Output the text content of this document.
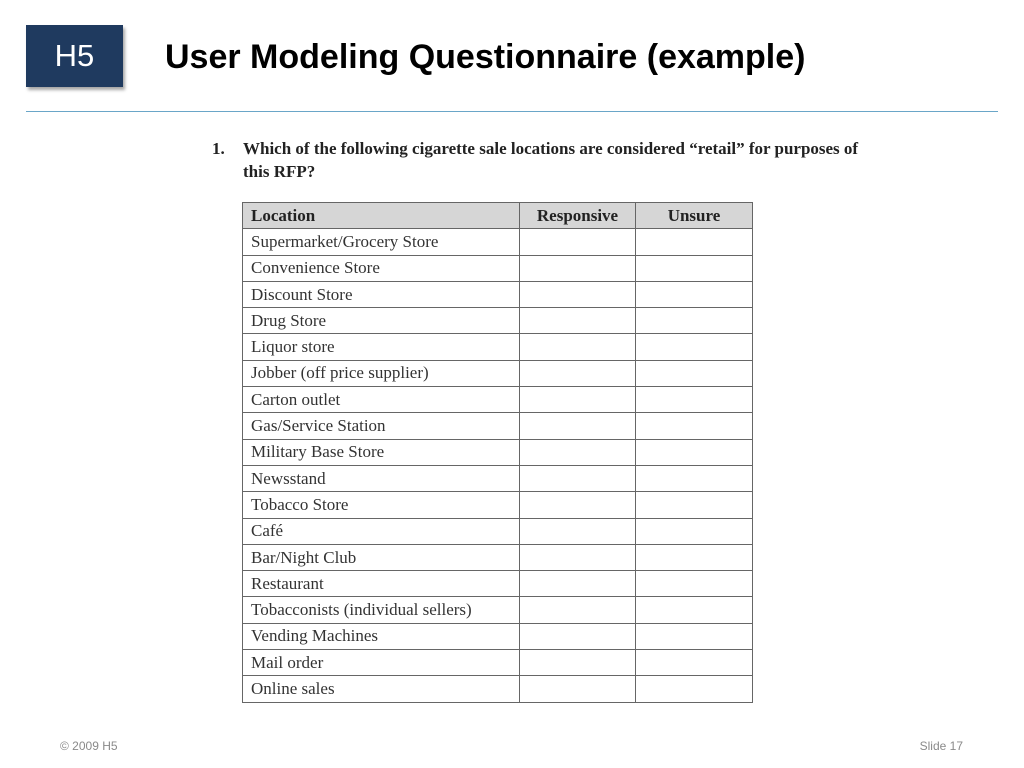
H5 User Modeling Questionnaire (example)
1. Which of the following cigarette sale locations are considered “retail” for purposes of this RFP?
Location	Responsive	Unsure
Supermarket/Grocery Store		
Convenience Store		
Discount Store		
Drug Store		
Liquor store		
Jobber (off price supplier)		
Carton outlet		
Gas/Service Station		
Military Base Store		
Newsstand		
Tobacco Store		
Café		
Bar/Night Club		
Restaurant		
Tobacconists (individual sellers)		
Vending Machines		
Mail order		
Online sales		
© 2009 H5	Slide 17
